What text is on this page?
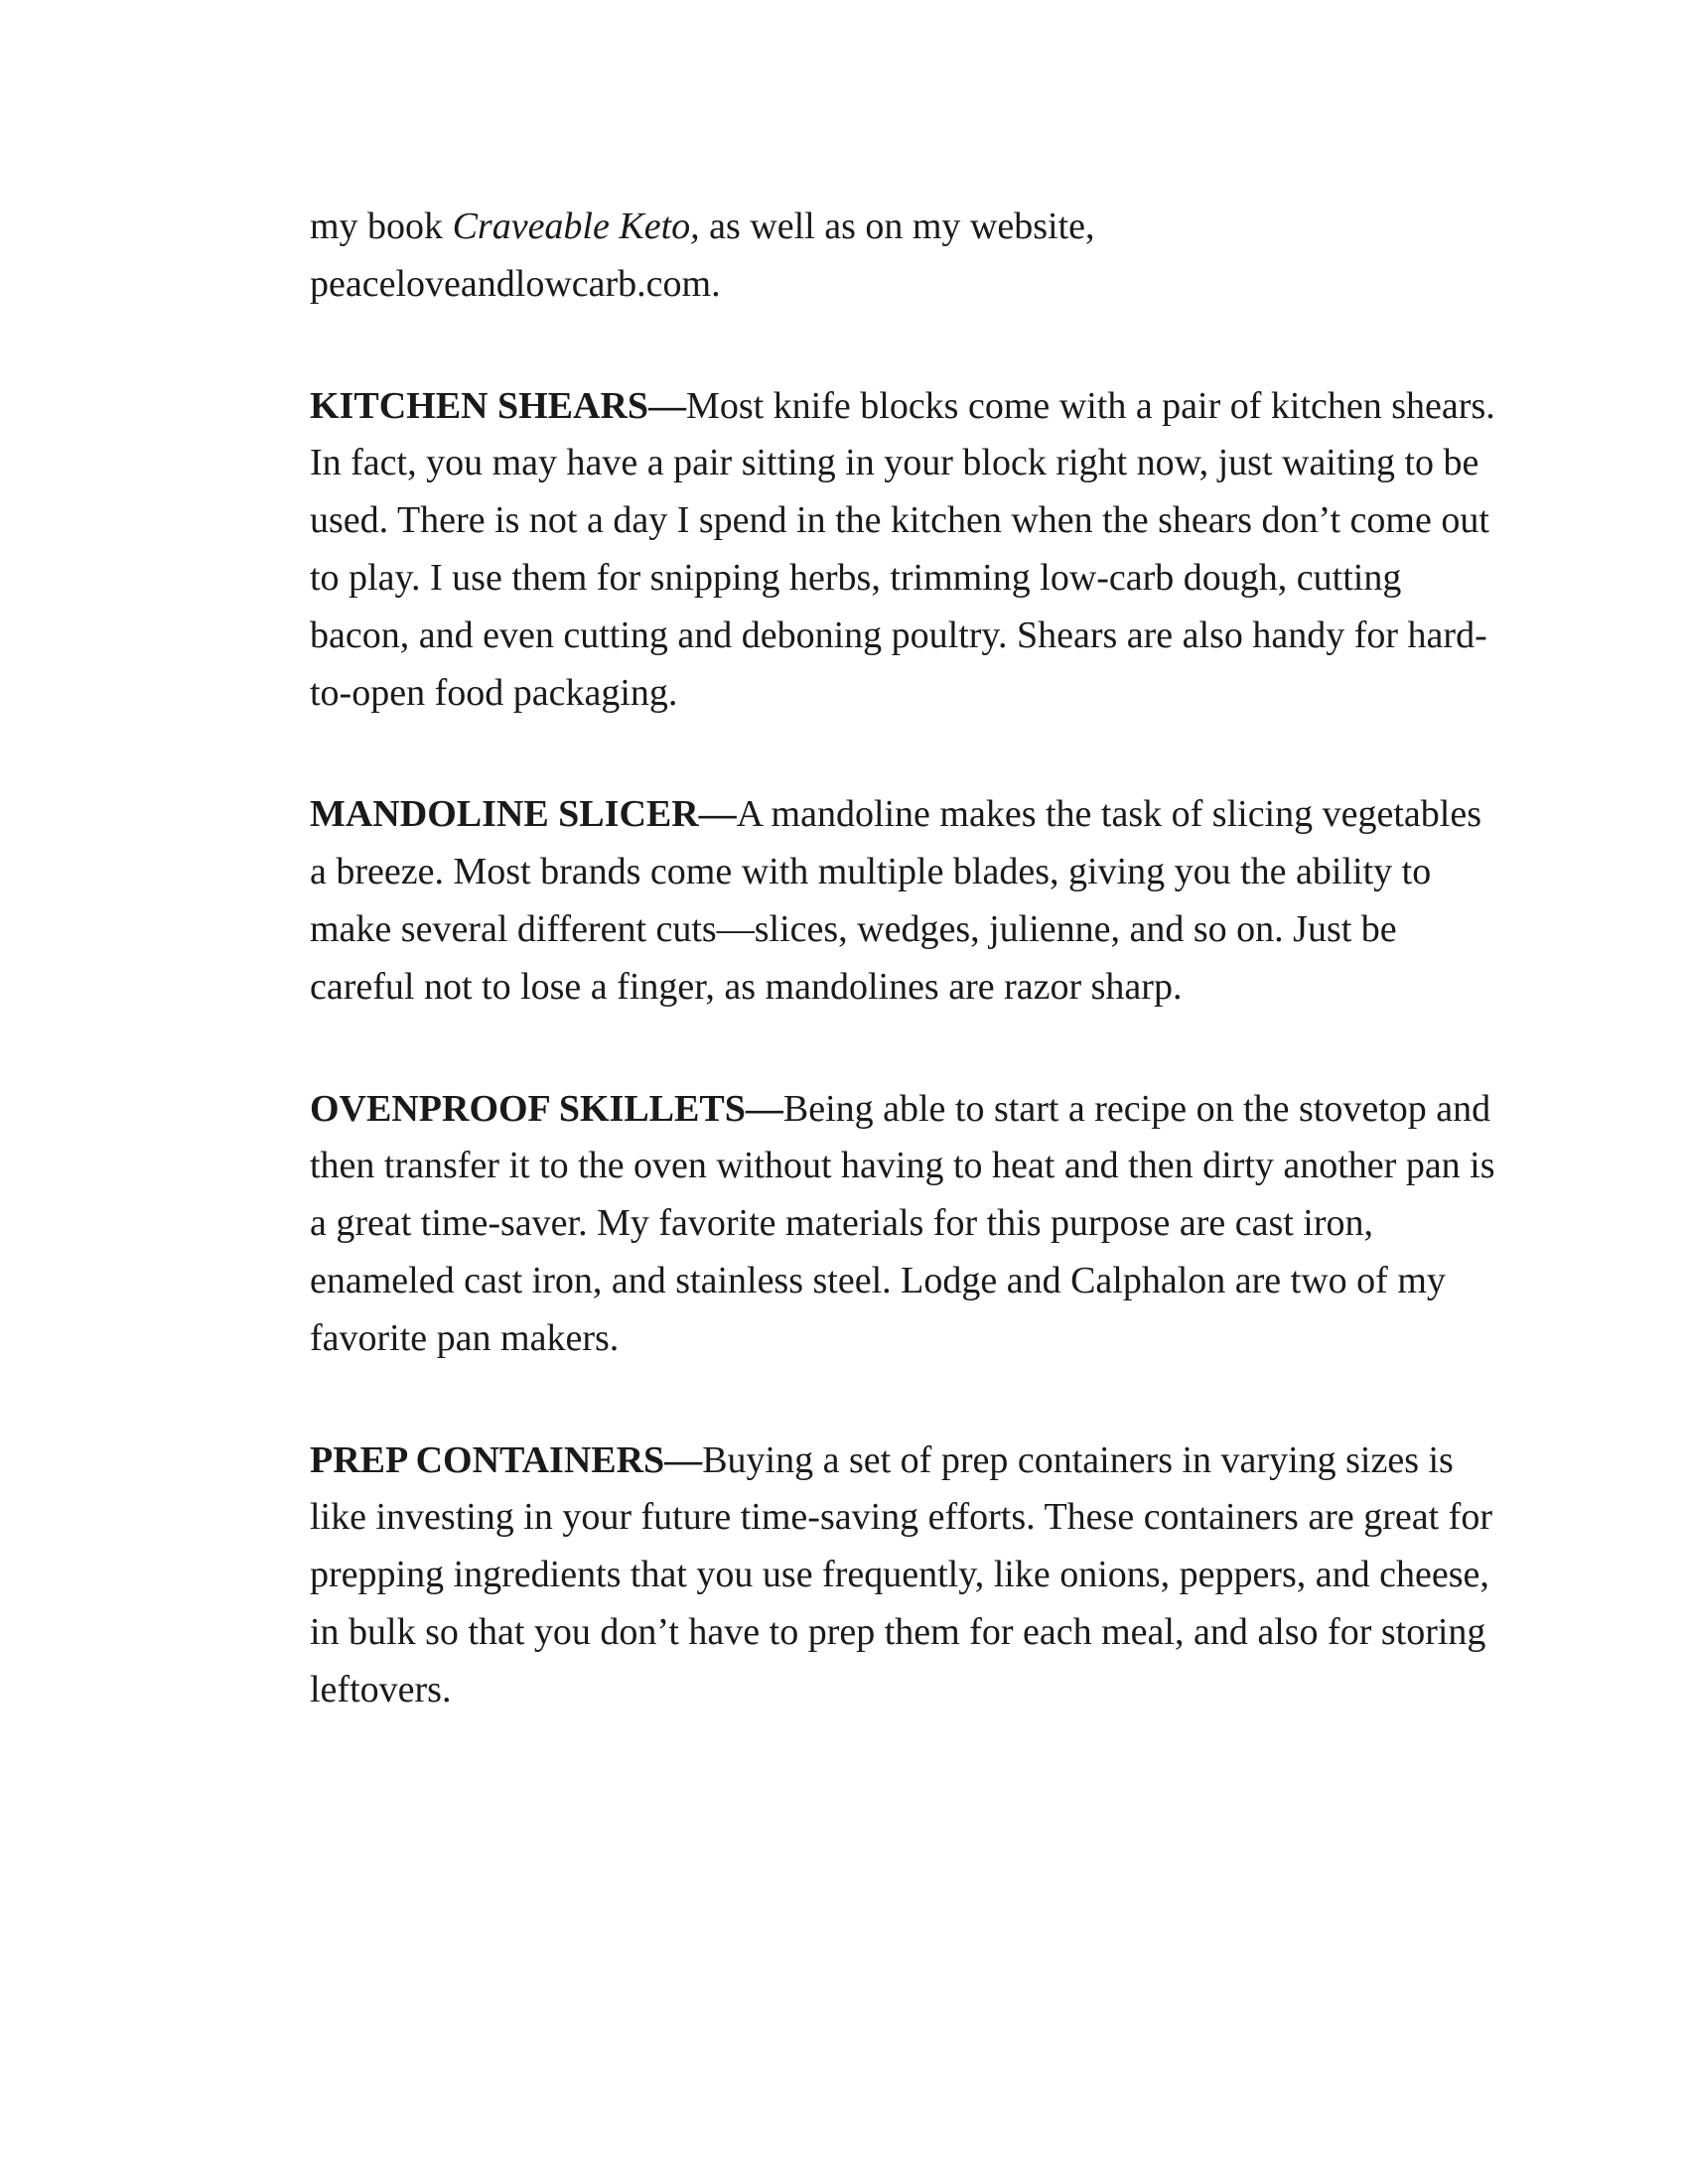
my book Craveable Keto, as well as on my website, peaceloveandlowcarb.com.

KITCHEN SHEARS—Most knife blocks come with a pair of kitchen shears. In fact, you may have a pair sitting in your block right now, just waiting to be used. There is not a day I spend in the kitchen when the shears don’t come out to play. I use them for snipping herbs, trimming low-carb dough, cutting bacon, and even cutting and deboning poultry. Shears are also handy for hard-to-open food packaging.

MANDOLINE SLICER—A mandoline makes the task of slicing vegetables a breeze. Most brands come with multiple blades, giving you the ability to make several different cuts—slices, wedges, julienne, and so on. Just be careful not to lose a finger, as mandolines are razor sharp.

OVENPROOF SKILLETS—Being able to start a recipe on the stovetop and then transfer it to the oven without having to heat and then dirty another pan is a great time-saver. My favorite materials for this purpose are cast iron, enameled cast iron, and stainless steel. Lodge and Calphalon are two of my favorite pan makers.

PREP CONTAINERS—Buying a set of prep containers in varying sizes is like investing in your future time-saving efforts. These containers are great for prepping ingredients that you use frequently, like onions, peppers, and cheese, in bulk so that you don’t have to prep them for each meal, and also for storing leftovers.
